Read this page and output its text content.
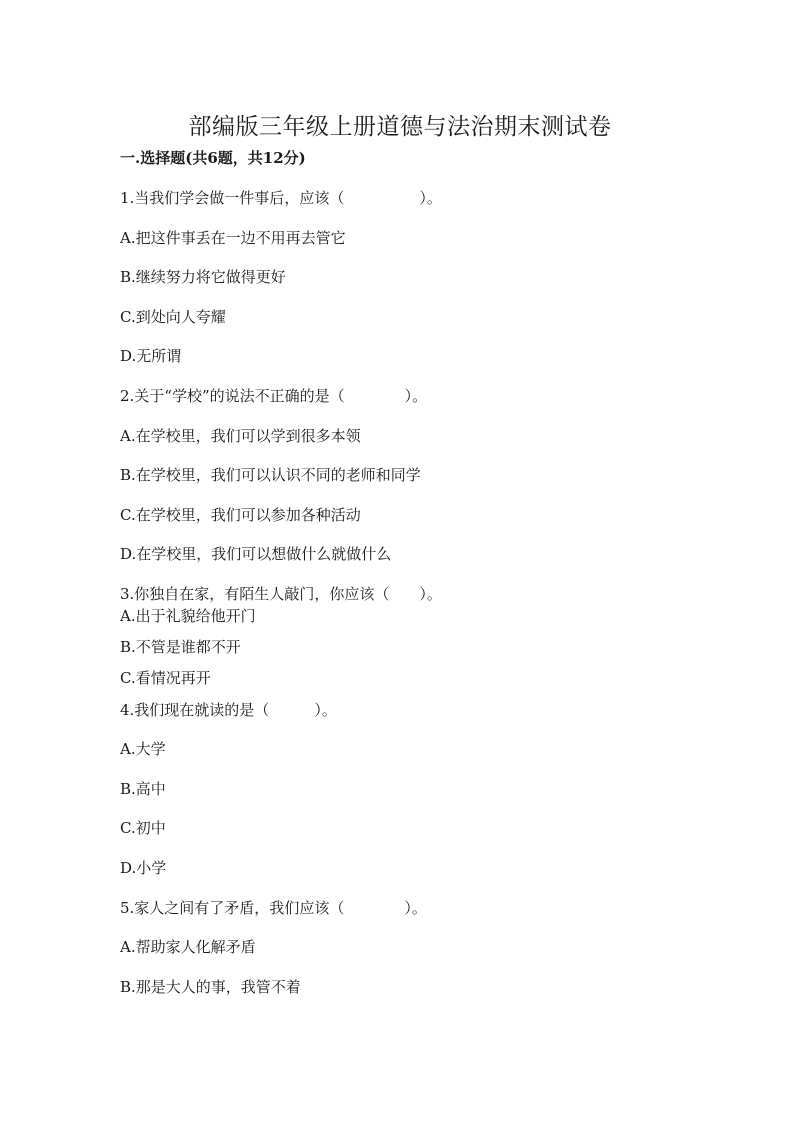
部编版三年级上册道德与法治期末测试卷
一.选择题(共6题，共12分)
1.当我们学会做一件事后，应该（　　　　　）。
A.把这件事丢在一边不用再去管它
B.继续努力将它做得更好
C.到处向人夸耀
D.无所谓
2.关于“学校”的说法不正确的是（　　　　）。
A.在学校里，我们可以学到很多本领
B.在学校里，我们可以认识不同的老师和同学
C.在学校里，我们可以参加各种活动
D.在学校里，我们可以想做什么就做什么
3.你独自在家，有陌生人敲门，你应该（　　）。
A.出于礼貌给他开门
B.不管是谁都不开
C.看情况再开
4.我们现在就读的是（　　　）。
A.大学
B.高中
C.初中
D.小学
5.家人之间有了矛盾，我们应该（　　　　）。
A.帮助家人化解矛盾
B.那是大人的事，我管不着
